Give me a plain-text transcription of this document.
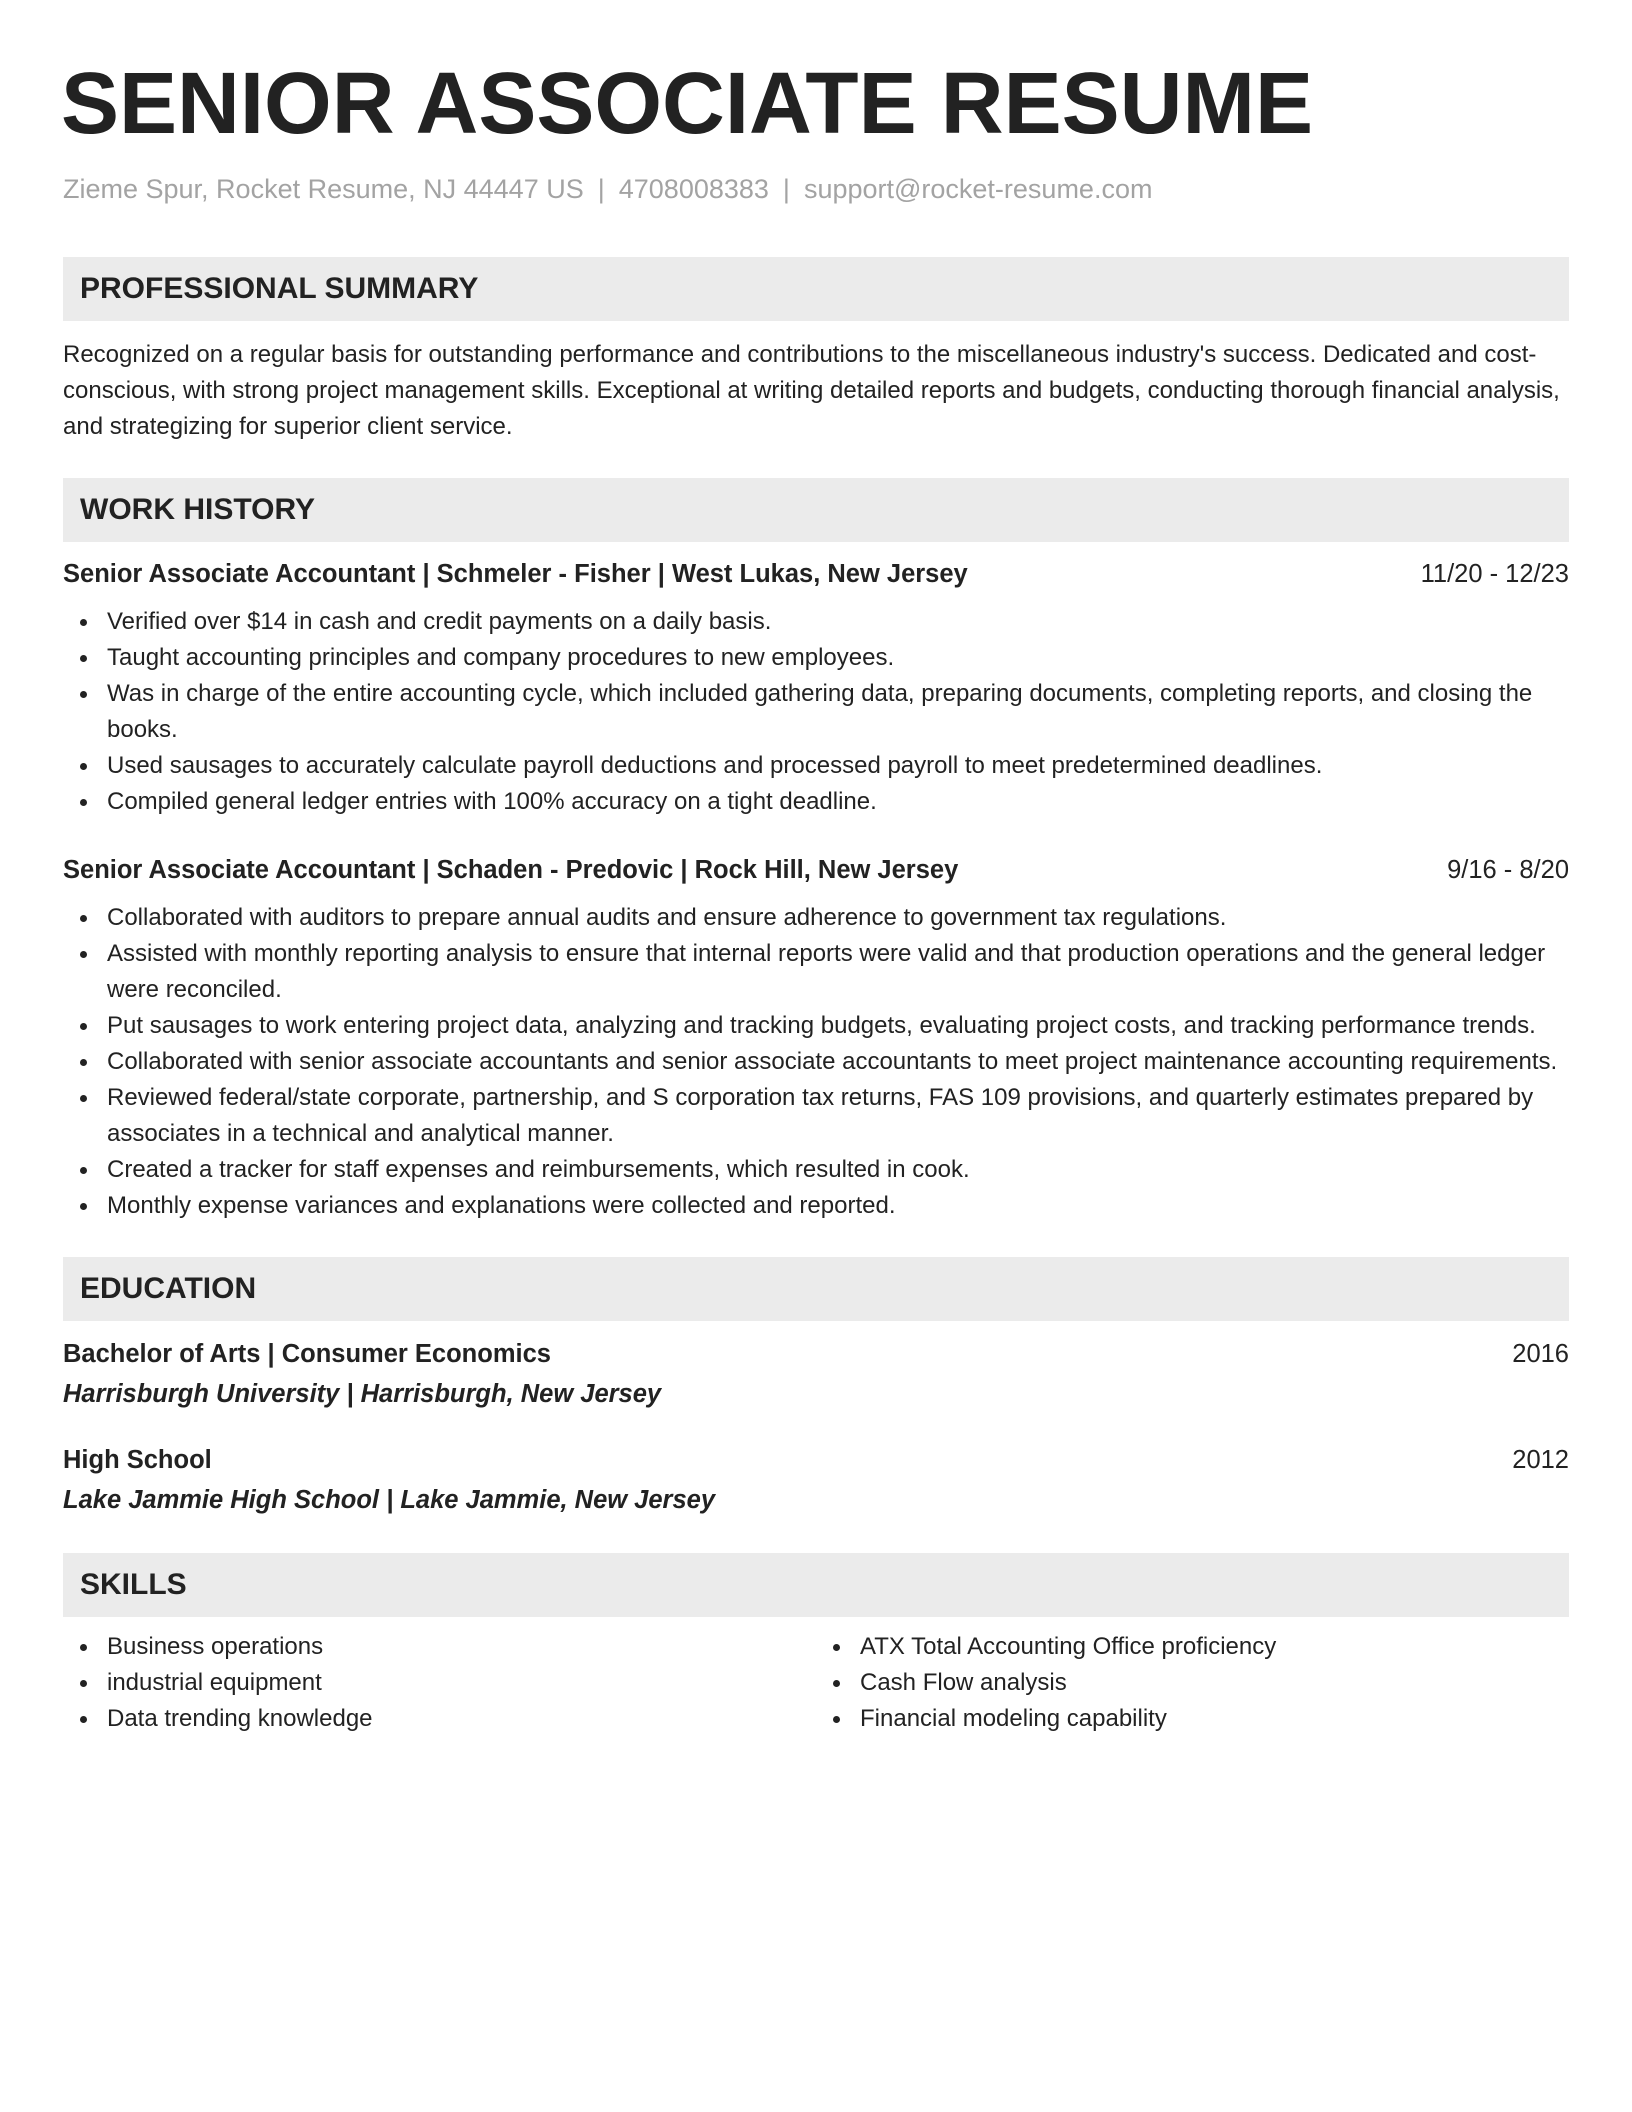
SENIOR ASSOCIATE RESUME
Zieme Spur, Rocket Resume, NJ 44447 US | 4708008383 | support@rocket-resume.com
PROFESSIONAL SUMMARY
Recognized on a regular basis for outstanding performance and contributions to the miscellaneous industry's success. Dedicated and cost-conscious, with strong project management skills. Exceptional at writing detailed reports and budgets, conducting thorough financial analysis, and strategizing for superior client service.
WORK HISTORY
Senior Associate Accountant | Schmeler - Fisher | West Lukas, New Jersey	11/20 - 12/23
Verified over $14 in cash and credit payments on a daily basis.
Taught accounting principles and company procedures to new employees.
Was in charge of the entire accounting cycle, which included gathering data, preparing documents, completing reports, and closing the books.
Used sausages to accurately calculate payroll deductions and processed payroll to meet predetermined deadlines.
Compiled general ledger entries with 100% accuracy on a tight deadline.
Senior Associate Accountant | Schaden - Predovic | Rock Hill, New Jersey	9/16 - 8/20
Collaborated with auditors to prepare annual audits and ensure adherence to government tax regulations.
Assisted with monthly reporting analysis to ensure that internal reports were valid and that production operations and the general ledger were reconciled.
Put sausages to work entering project data, analyzing and tracking budgets, evaluating project costs, and tracking performance trends.
Collaborated with senior associate accountants and senior associate accountants to meet project maintenance accounting requirements.
Reviewed federal/state corporate, partnership, and S corporation tax returns, FAS 109 provisions, and quarterly estimates prepared by associates in a technical and analytical manner.
Created a tracker for staff expenses and reimbursements, which resulted in cook.
Monthly expense variances and explanations were collected and reported.
EDUCATION
Bachelor of Arts | Consumer Economics	2016
Harrisburgh University | Harrisburgh, New Jersey
High School	2012
Lake Jammie High School | Lake Jammie, New Jersey
SKILLS
Business operations
industrial equipment
Data trending knowledge
ATX Total Accounting Office proficiency
Cash Flow analysis
Financial modeling capability
